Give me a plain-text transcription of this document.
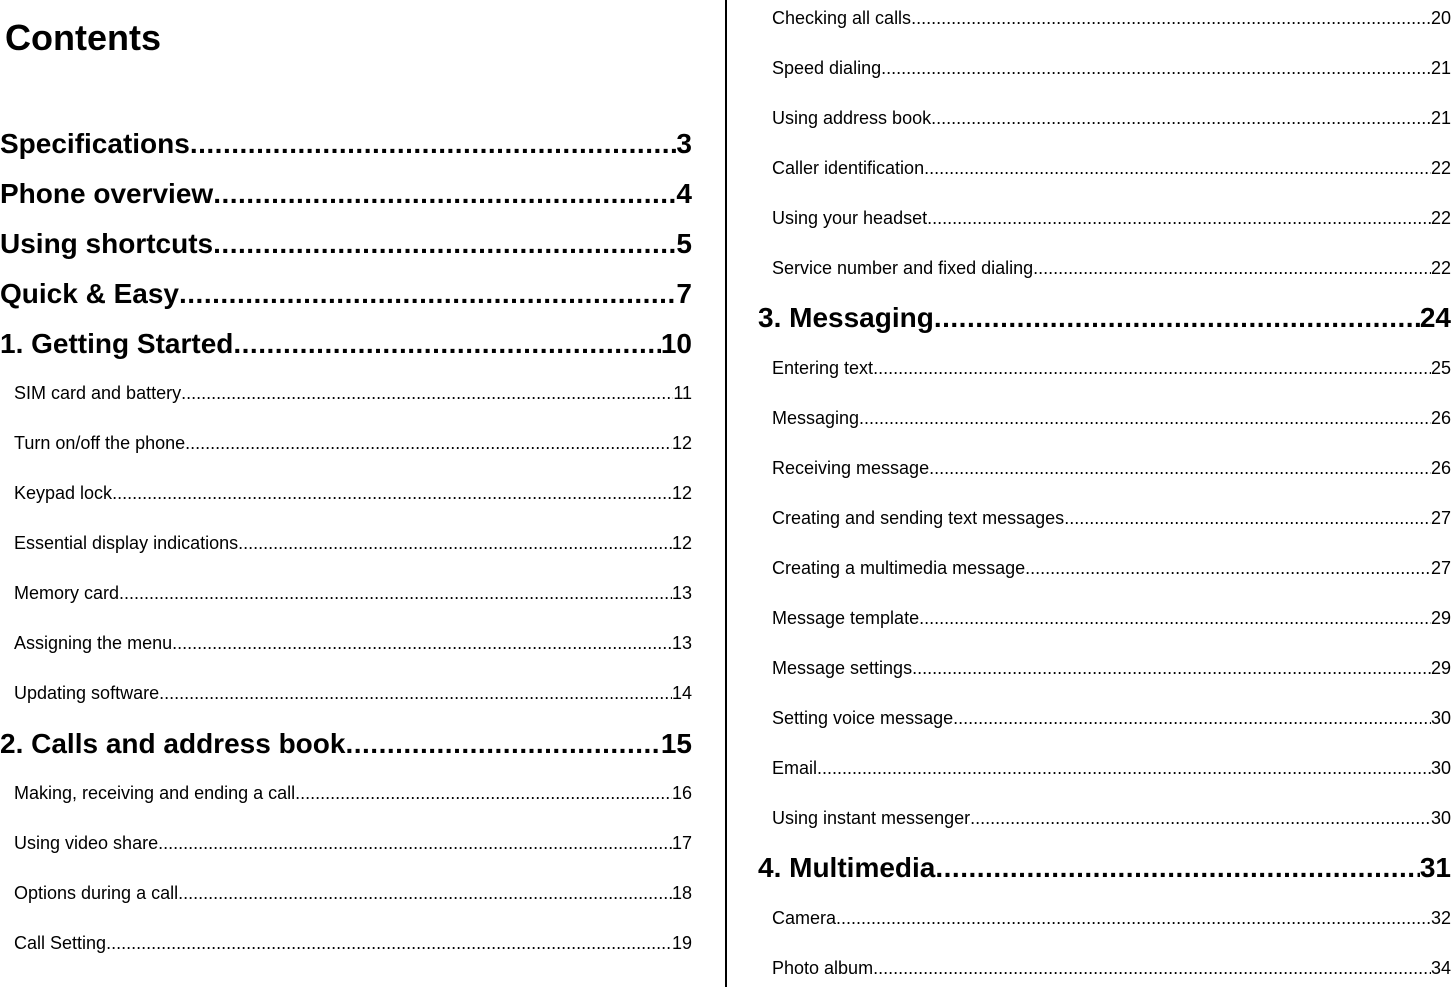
Contents
Specifications .....	3
Phone overview .....	4
Using shortcuts .....	5
Quick & Easy .....	7
1. Getting Started .....	10
SIM card and battery .....	11
Turn on/off the phone .....	12
Keypad lock .....	12
Essential display indications .....	12
Memory card .....	13
Assigning the menu .....	13
Updating software .....	14
2. Calls and address book .....	15
Making, receiving and ending a call .....	16
Using video share .....	17
Options during a call .....	18
Call Setting .....	19
Checking all calls .....	20
Speed dialing .....	21
Using address book .....	21
Caller identification .....	22
Using your headset .....	22
Service number and fixed dialing .....	22
3. Messaging .....	24
Entering text .....	25
Messaging .....	26
Receiving message .....	26
Creating and sending text messages .....	27
Creating a multimedia message .....	27
Message template .....	29
Message settings .....	29
Setting voice message .....	30
Email .....	30
Using instant messenger .....	30
4. Multimedia .....	31
Camera .....	32
Photo album .....	34
